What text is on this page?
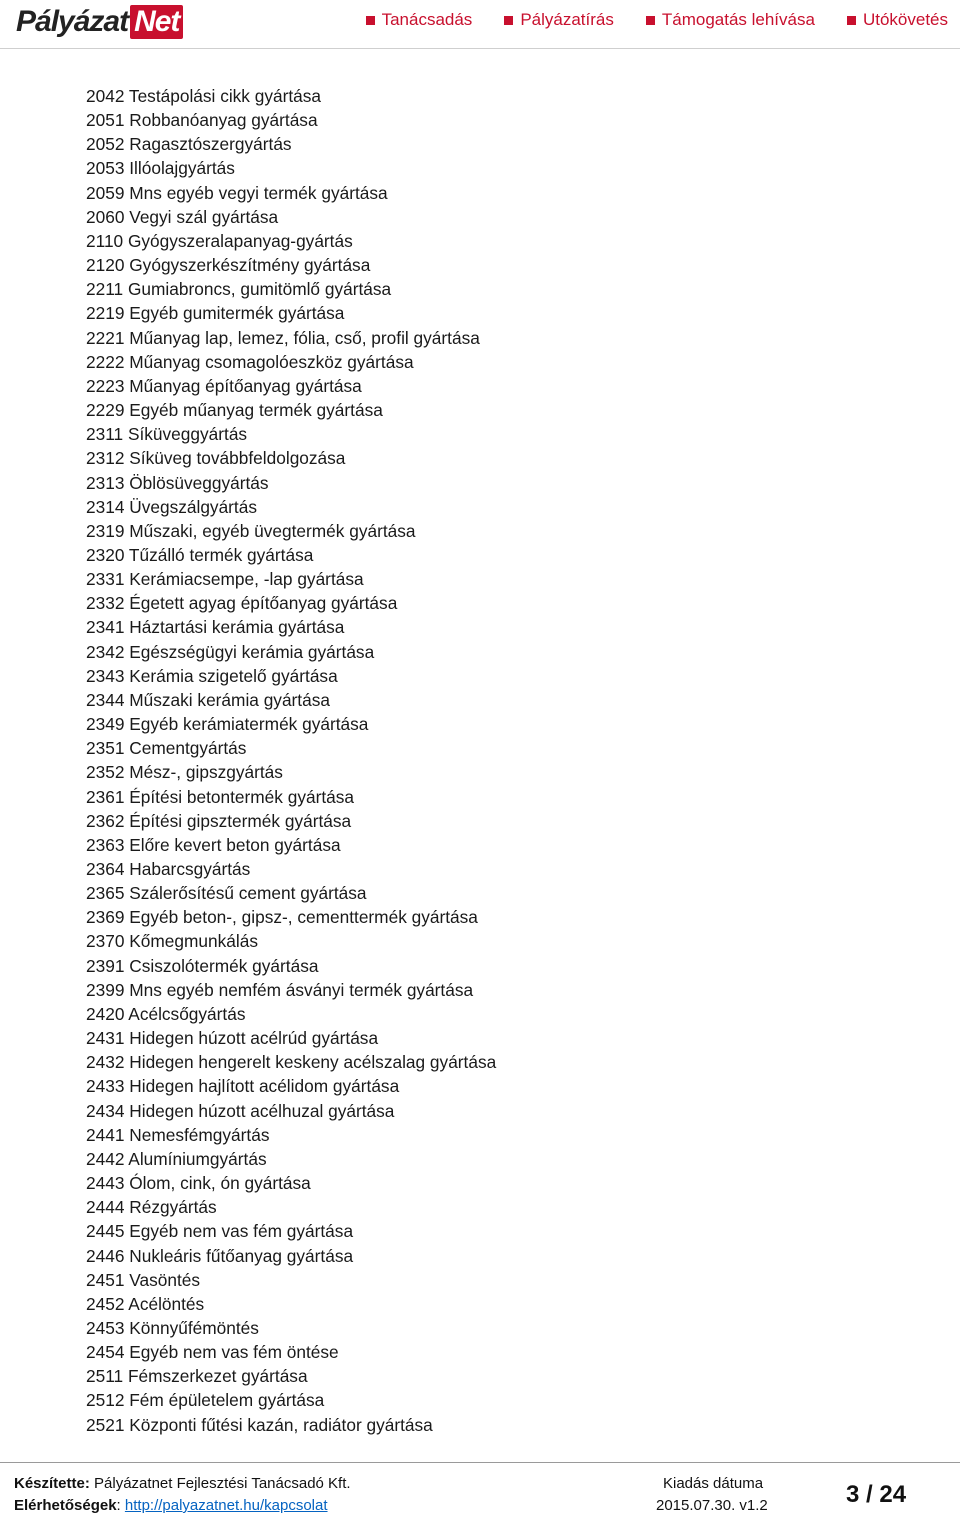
Pályázat Net	Tanácsadás	Pályázatírás	Támogatás lehívása	Utókövetés
2042 Testápolási cikk gyártása
2051 Robbanóanyag gyártása
2052 Ragasztószergyártás
2053 Illóolajgyártás
2059 Mns egyéb vegyi termék gyártása
2060 Vegyi szál gyártása
2110 Gyógyszeralapanyag-gyártás
2120 Gyógyszerkészítmény gyártása
2211 Gumiabroncs, gumitömlő gyártása
2219 Egyéb gumitermék gyártása
2221 Műanyag lap, lemez, fólia, cső, profil gyártása
2222 Műanyag csomagolóeszköz gyártása
2223 Műanyag építőanyag gyártása
2229 Egyéb műanyag termék gyártása
2311 Síküveggyártás
2312 Síküveg továbbfeldolgozása
2313 Öblösüveggyártás
2314 Üvegszálgyártás
2319 Műszaki, egyéb üvegtermék gyártása
2320 Tűzálló termék gyártása
2331 Kerámiacsempe, -lap gyártása
2332 Égetett agyag építőanyag gyártása
2341 Háztartási kerámia gyártása
2342 Egészségügyi kerámia gyártása
2343 Kerámia szigetelő gyártása
2344 Műszaki kerámia gyártása
2349 Egyéb kerámiatermék gyártása
2351 Cementgyártás
2352 Mész-, gipszgyártás
2361 Építési betontermék gyártása
2362 Építési gipsztermék gyártása
2363 Előre kevert beton gyártása
2364 Habarcsgyártás
2365 Szálerősítésű cement gyártása
2369 Egyéb beton-, gipsz-, cementtermék gyártása
2370 Kőmegmunkálás
2391 Csiszolótermék gyártása
2399 Mns egyéb nemfém ásványi termék gyártása
2420 Acélcsőgyártás
2431 Hidegen húzott acélrúd gyártása
2432 Hidegen hengerelt keskeny acélszalag gyártása
2433 Hidegen hajlított acélidom gyártása
2434 Hidegen húzott acélhuzal gyártása
2441 Nemesfémgyártás
2442 Alumíniumgyártás
2443 Ólom, cink, ón gyártása
2444 Rézgyártás
2445 Egyéb nem vas fém gyártása
2446 Nukleáris fűtőanyag gyártása
2451 Vasöntés
2452 Acélöntés
2453 Könnyűfémöntés
2454 Egyéb nem vas fém öntése
2511 Fémszerkezet gyártása
2512 Fém épületelem gyártása
2521 Központi fűtési kazán, radiátor gyártása
Készítette: Pályázatnet Fejlesztési Tanácsadó Kft.
Elérhetőségek: http://palyazatnet.hu/kapcsolat
Kiadás dátuma
2015.07.30. v1.2	3 / 24
